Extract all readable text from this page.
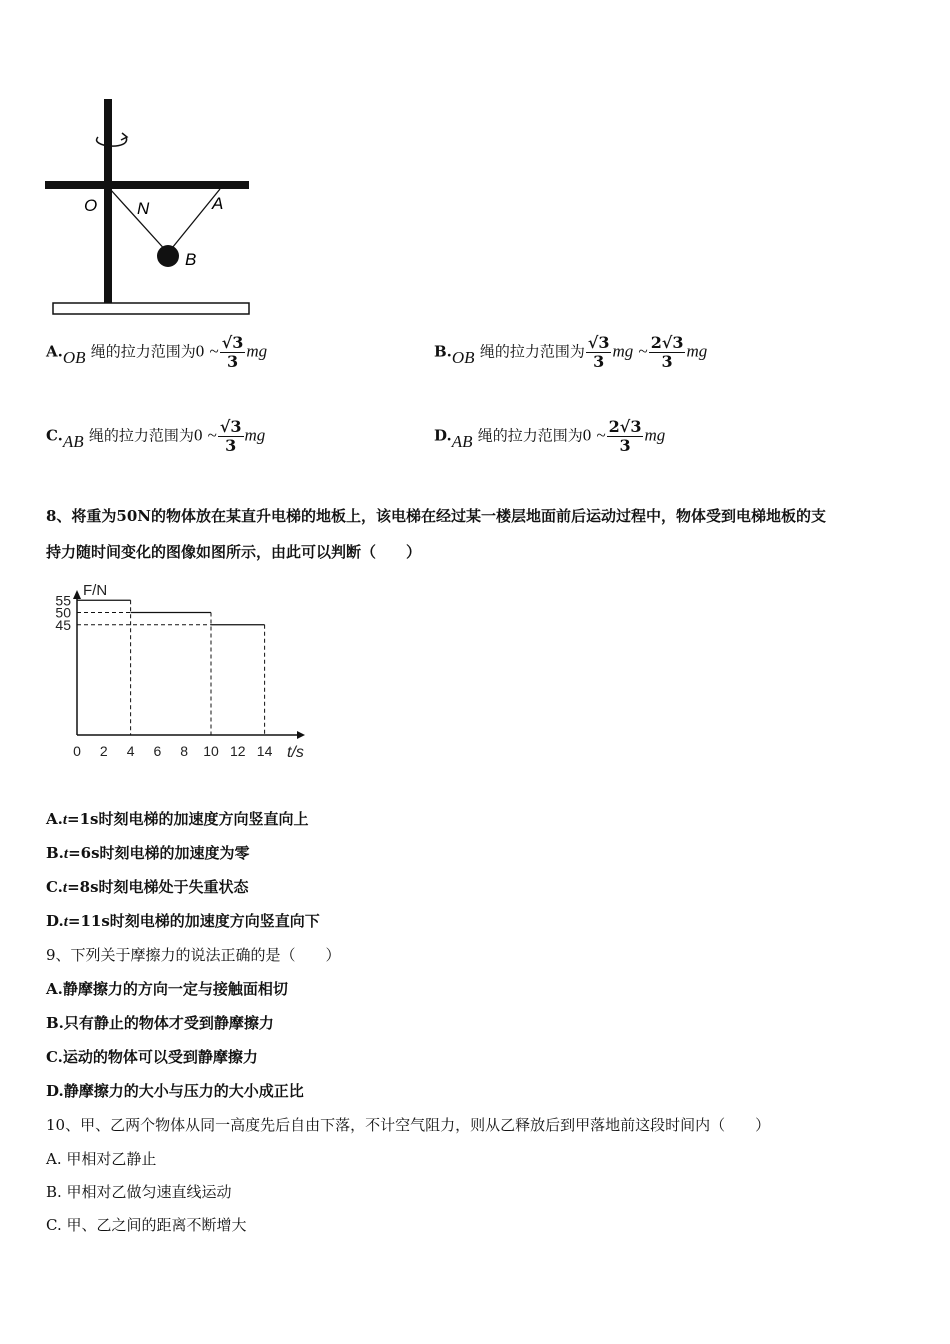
O N	A
B
A.OB 绳的拉力范围为0 ~ $\frac{√3}{3}$ mg	B.OB 绳的拉力范围为 $\frac{√3}{3}$ mg ~ $\frac{2√3}{3}$ mg
C.AB 绳的拉力范围为0 ~ $\frac{√3}{3}$ mg	D.AB 绳的拉力范围为0 ~ $\frac{2√3}{3}$ mg
8、将重为50N的物体放在某直升电梯的地板上，该电梯在经过某一楼层地面前后运动过程中，物体受到电梯地板的支
持力随时间变化的图像如图所示，由此可以判断（　　）
F/N
t/s
0 2 4 6 8 10 12 14
45
50
55
A.t=1s时刻电梯的加速度方向竖直向上
B.t=6s时刻电梯的加速度为零
C.t=8s时刻电梯处于失重状态
D.t=11s时刻电梯的加速度方向竖直向下
9、下列关于摩擦力的说法正确的是（　　）
A.静摩擦力的方向一定与接触面相切
B.只有静止的物体才受到静摩擦力
C.运动的物体可以受到静摩擦力
D.静摩擦力的大小与压力的大小成正比
10、甲、乙两个物体从同一高度先后自由下落，不计空气阻力，则从乙释放后到甲落地前这段时间内（　　）
A. 甲相对乙静止
B. 甲相对乙做匀速直线运动
C. 甲、乙之间的距离不断增大
